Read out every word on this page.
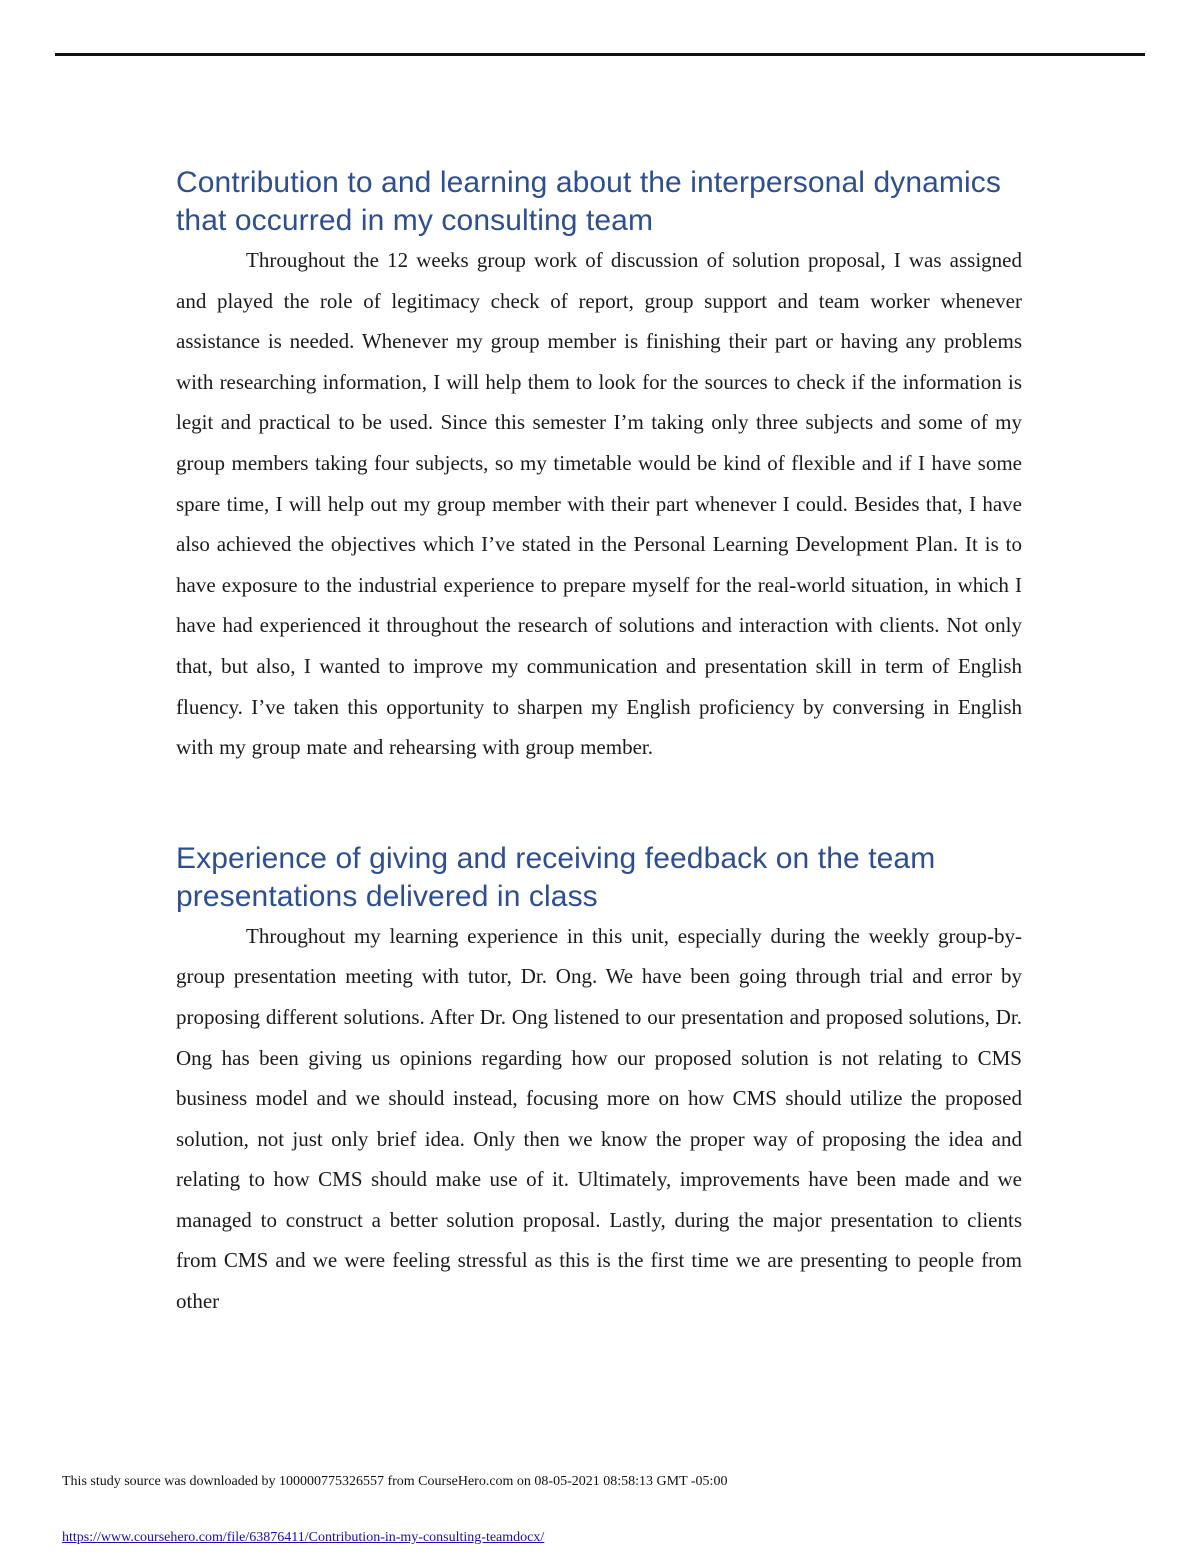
Contribution to and learning about the interpersonal dynamics that occurred in my consulting team

Throughout the 12 weeks group work of discussion of solution proposal, I was assigned and played the role of legitimacy check of report, group support and team worker whenever assistance is needed. Whenever my group member is finishing their part or having any problems with researching information, I will help them to look for the sources to check if the information is legit and practical to be used. Since this semester I’m taking only three subjects and some of my group members taking four subjects, so my timetable would be kind of flexible and if I have some spare time, I will help out my group member with their part whenever I could. Besides that, I have also achieved the objectives which I’ve stated in the Personal Learning Development Plan. It is to have exposure to the industrial experience to prepare myself for the real-world situation, in which I have had experienced it throughout the research of solutions and interaction with clients. Not only that, but also, I wanted to improve my communication and presentation skill in term of English fluency. I’ve taken this opportunity to sharpen my English proficiency by conversing in English with my group mate and rehearsing with group member.

Experience of giving and receiving feedback on the team presentations delivered in class

Throughout my learning experience in this unit, especially during the weekly group-by-group presentation meeting with tutor, Dr. Ong. We have been going through trial and error by proposing different solutions. After Dr. Ong listened to our presentation and proposed solutions, Dr. Ong has been giving us opinions regarding how our proposed solution is not relating to CMS business model and we should instead, focusing more on how CMS should utilize the proposed solution, not just only brief idea. Only then we know the proper way of proposing the idea and relating to how CMS should make use of it. Ultimately, improvements have been made and we managed to construct a better solution proposal. Lastly, during the major presentation to clients from CMS and we were feeling stressful as this is the first time we are presenting to people from other

This study source was downloaded by 100000775326557 from CourseHero.com on 08-05-2021 08:58:13 GMT -05:00
https://www.coursehero.com/file/63876411/Contribution-in-my-consulting-teamdocx/
